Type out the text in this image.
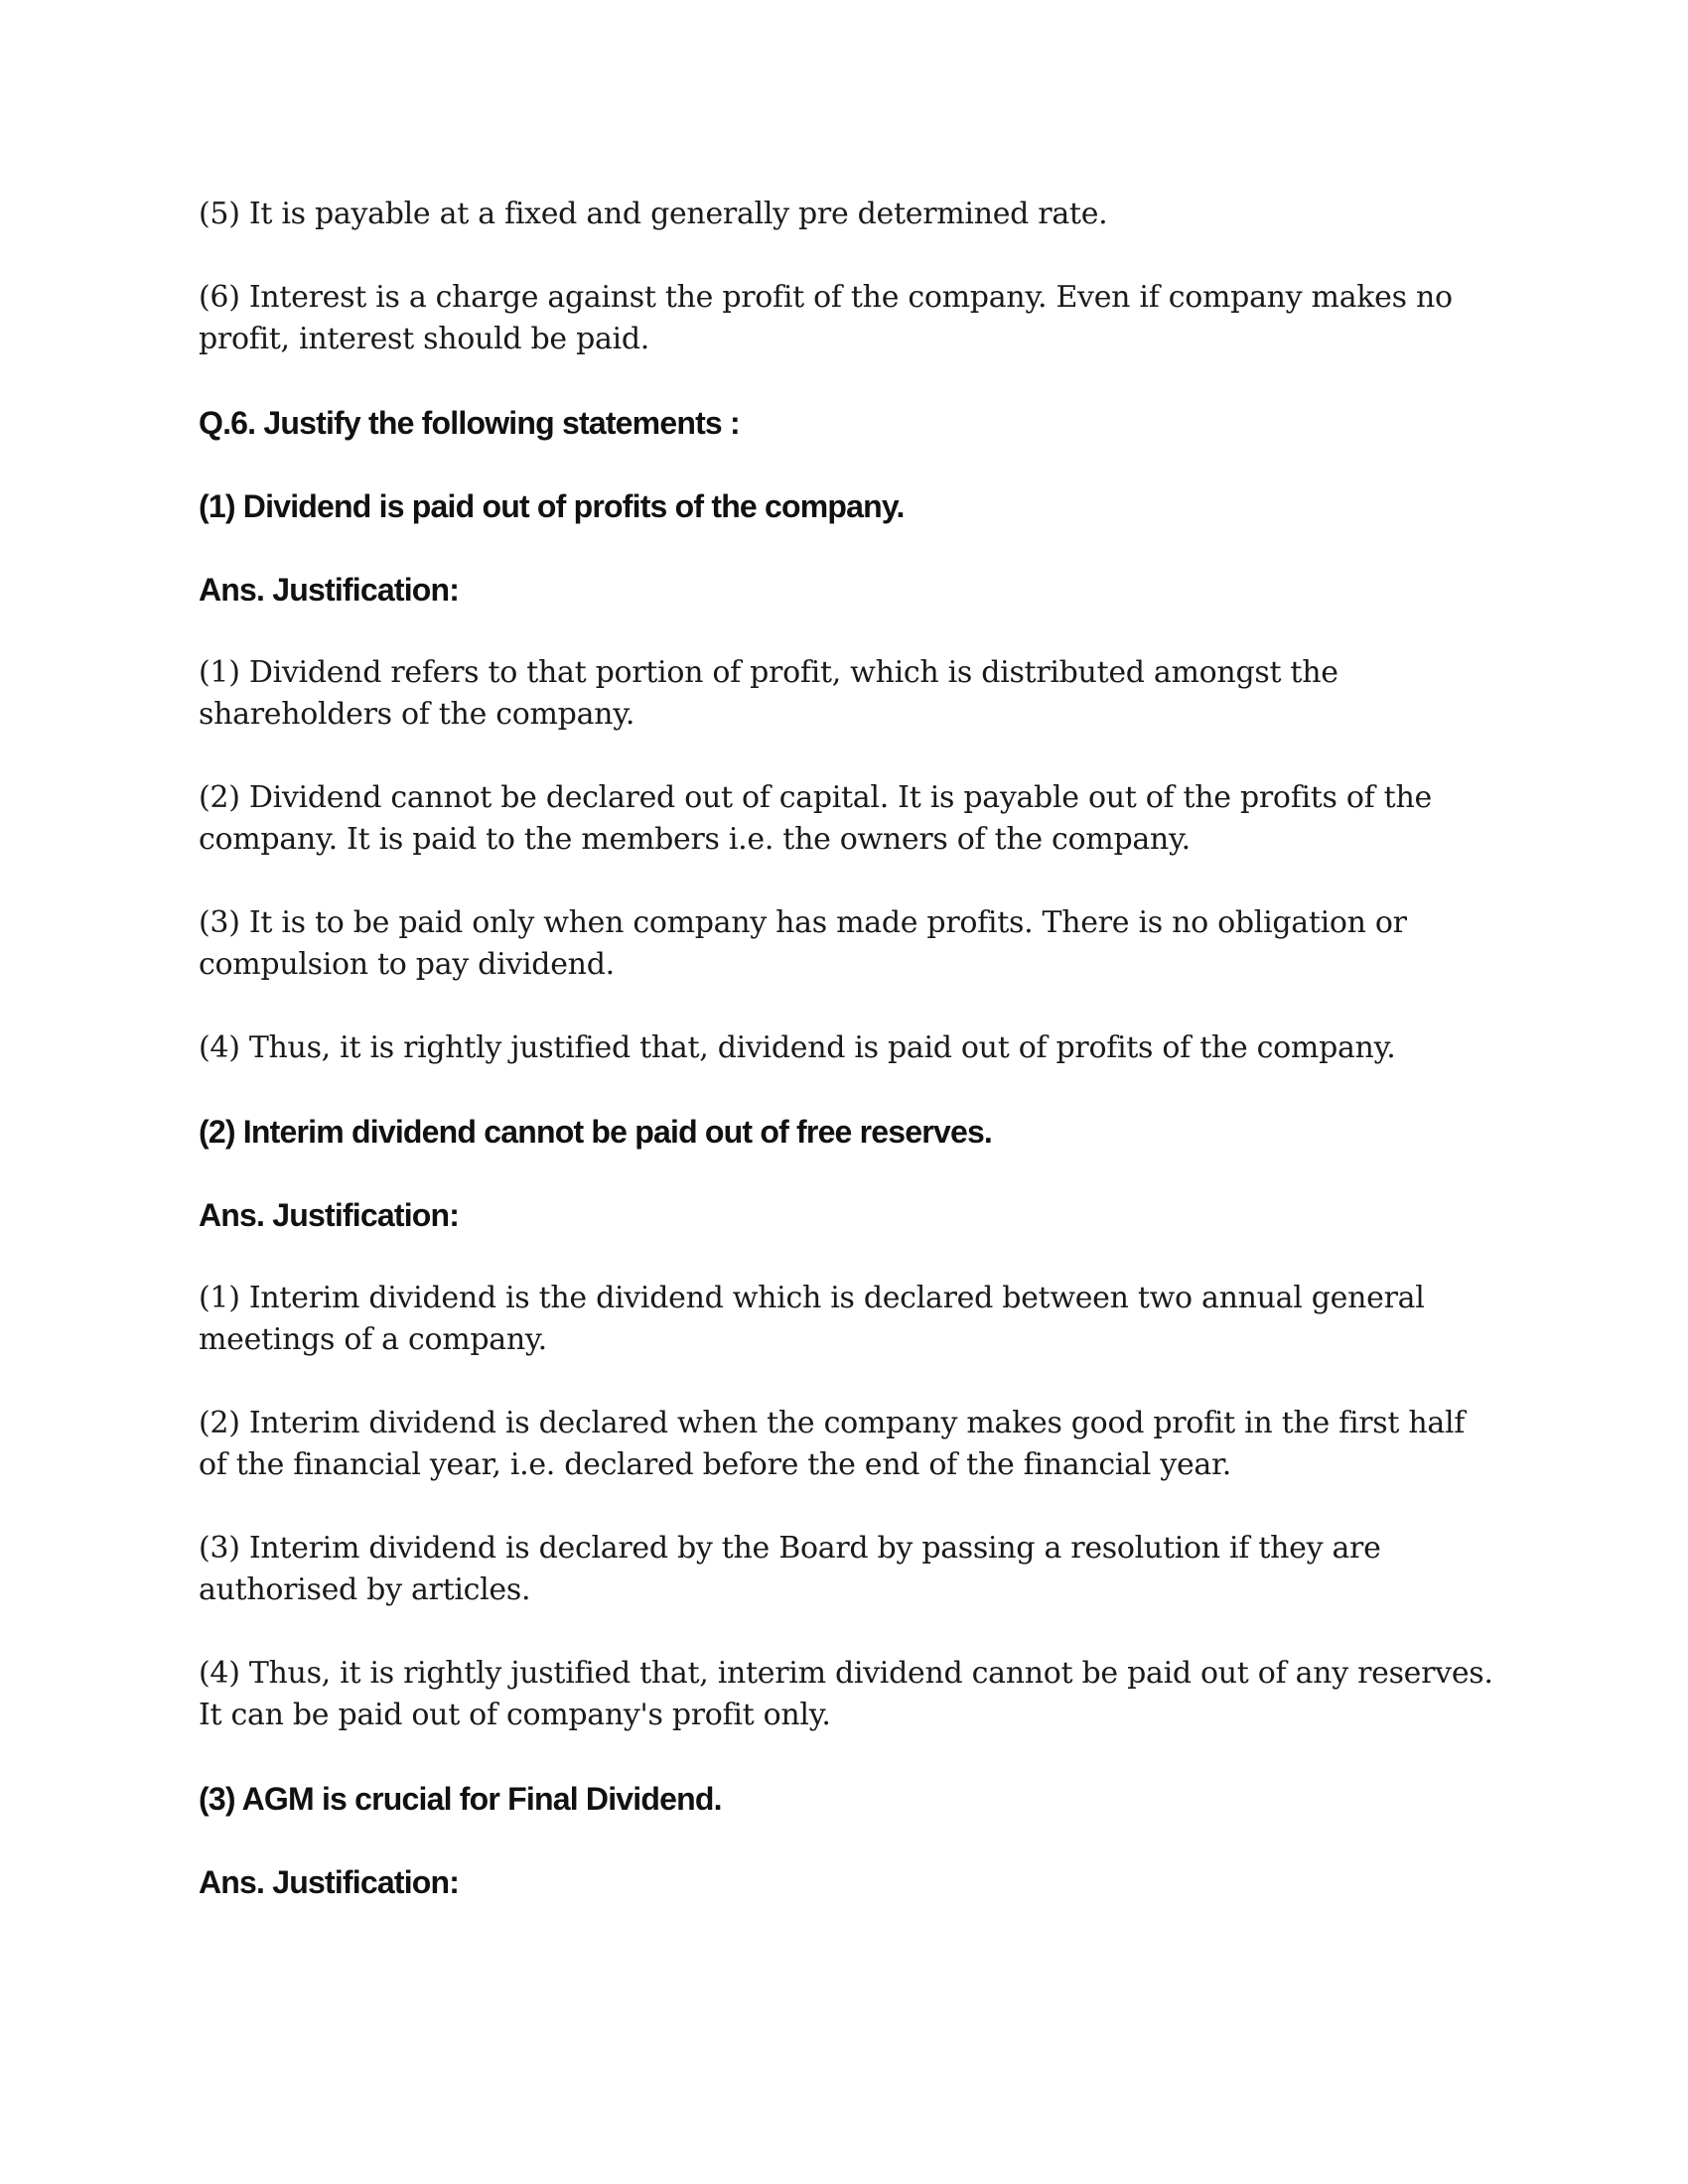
(5) It is payable at a fixed and generally pre determined rate.

(6) Interest is a charge against the profit of the company. Even if company makes no profit, interest should be paid.

Q.6. Justify the following statements :

(1) Dividend is paid out of profits of the company.

Ans. Justification:

(1) Dividend refers to that portion of profit, which is distributed amongst the shareholders of the company.

(2) Dividend cannot be declared out of capital. It is payable out of the profits of the company. It is paid to the members i.e. the owners of the company.

(3) It is to be paid only when company has made profits. There is no obligation or compulsion to pay dividend.

(4) Thus, it is rightly justified that, dividend is paid out of profits of the company.

(2) Interim dividend cannot be paid out of free reserves.

Ans. Justification:

(1) Interim dividend is the dividend which is declared between two annual general meetings of a company.

(2) Interim dividend is declared when the company makes good profit in the first half of the financial year, i.e. declared before the end of the financial year.

(3) Interim dividend is declared by the Board by passing a resolution if they are authorised by articles.

(4) Thus, it is rightly justified that, interim dividend cannot be paid out of any reserves. It can be paid out of company's profit only.

(3) AGM is crucial for Final Dividend.

Ans. Justification:
